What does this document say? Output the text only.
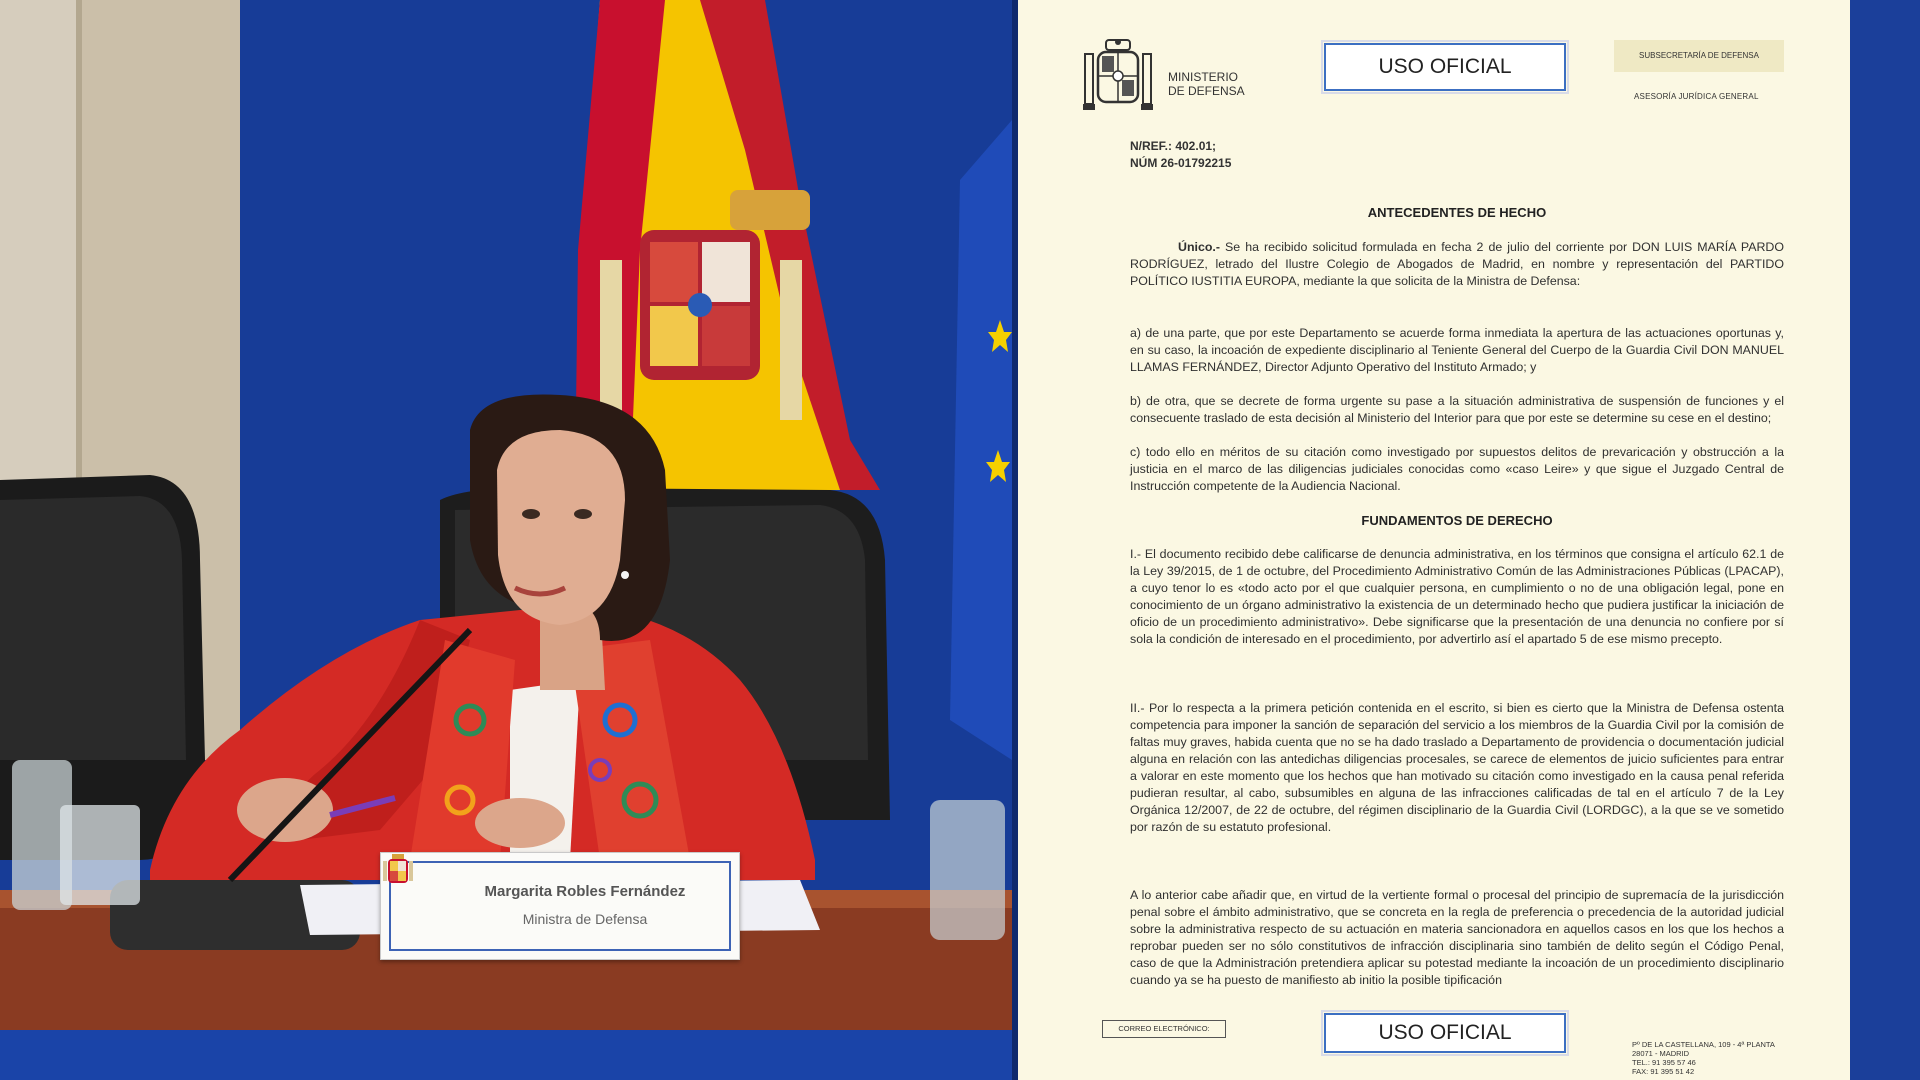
Margarita Robles Fernández
Ministra de Defensa
MINISTERIO
DE DEFENSA
USO OFICIAL	SUBSECRETARÍA DE DEFENSA
ASESORÍA JURÍDICA GENERAL
N/REF.: 402.01;
NÚM 26-01792215
ANTECEDENTES DE HECHO
Único.- Se ha recibido solicitud formulada en fecha 2 de julio del corriente por DON LUIS MARÍA PARDO RODRÍGUEZ, letrado del Ilustre Colegio de Abogados de Madrid, en nombre y representación del PARTIDO POLÍTICO IUSTITIA EUROPA, mediante la que solicita de la Ministra de Defensa:
a) de una parte, que por este Departamento se acuerde forma inmediata la apertura de las actuaciones oportunas y, en su caso, la incoación de expediente disciplinario al Teniente General del Cuerpo de la Guardia Civil DON MANUEL LLAMAS FERNÁNDEZ, Director Adjunto Operativo del Instituto Armado; y
b) de otra, que se decrete de forma urgente su pase a la situación administrativa de suspensión de funciones y el consecuente traslado de esta decisión al Ministerio del Interior para que por este se determine su cese en el destino;
c) todo ello en méritos de su citación como investigado por supuestos delitos de prevaricación y obstrucción a la justicia en el marco de las diligencias judiciales conocidas como «caso Leire» y que sigue el Juzgado Central de Instrucción competente de la Audiencia Nacional.
FUNDAMENTOS DE DERECHO
I.- El documento recibido debe calificarse de denuncia administrativa, en los términos que consigna el artículo 62.1 de la Ley 39/2015, de 1 de octubre, del Procedimiento Administrativo Común de las Administraciones Públicas (LPACAP), a cuyo tenor lo es «todo acto por el que cualquier persona, en cumplimiento o no de una obligación legal, pone en conocimiento de un órgano administrativo la existencia de un determinado hecho que pudiera justificar la iniciación de oficio de un procedimiento administrativo». Debe significarse que la presentación de una denuncia no confiere por sí sola la condición de interesado en el procedimiento, por advertirlo así el apartado 5 de ese mismo precepto.
II.- Por lo respecta a la primera petición contenida en el escrito, si bien es cierto que la Ministra de Defensa ostenta competencia para imponer la sanción de separación del servicio a los miembros de la Guardia Civil por la comisión de faltas muy graves, habida cuenta que no se ha dado traslado a Departamento de providencia o documentación judicial alguna en relación con las antedichas diligencias procesales, se carece de elementos de juicio suficientes para entrar a valorar en este momento que los hechos que han motivado su citación como investigado en la causa penal referida pudieran resultar, al cabo, subsumibles en alguna de las infracciones calificadas de tal en el artículo 7 de la Ley Orgánica 12/2007, de 22 de octubre, del régimen disciplinario de la Guardia Civil (LORDGC), a la que se ve sometido por razón de su estatuto profesional.
A lo anterior cabe añadir que, en virtud de la vertiente formal o procesal del principio de supremacía de la jurisdicción penal sobre el ámbito administrativo, que se concreta en la regla de preferencia o precedencia de la autoridad judicial sobre la administrativa respecto de su actuación en materia sancionadora en aquellos casos en los que los hechos a reprobar pueden ser no sólo constitutivos de infracción disciplinaria sino también de delito según el Código Penal, caso de que la Administración pretendiera aplicar su potestad mediante la incoación de un procedimiento disciplinario cuando ya se ha puesto de manifiesto ab initio la posible tipificación
CORREO ELECTRÓNICO:	USO OFICIAL
Pº DE LA CASTELLANA, 109 - 4ª PLANTA
28071 - MADRID
TEL.: 91 395 57 46
FAX: 91 395 51 42
